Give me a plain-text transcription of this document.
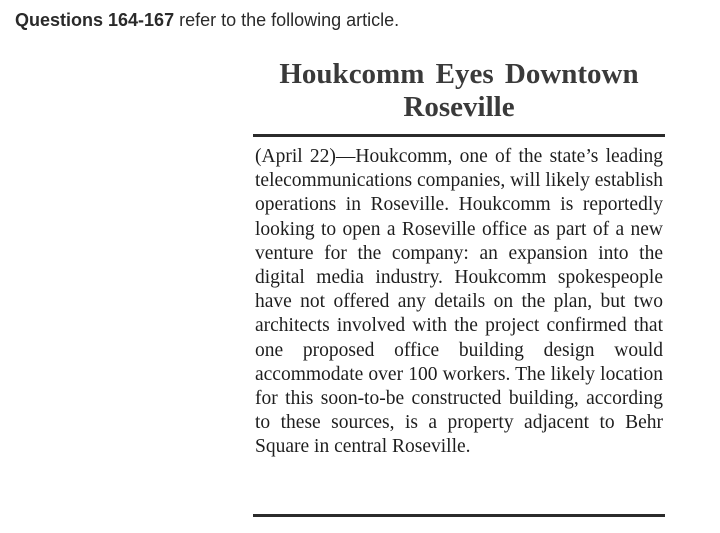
Questions 164-167 refer to the following article.
Houkcomm Eyes Downtown Roseville

(April 22)—Houkcomm, one of the state’s leading telecommunications companies, will likely establish operations in Roseville. Houkcomm is reportedly looking to open a Roseville office as part of a new venture for the company: an expansion into the digital media industry. Houkcomm spokespeople have not offered any details on the plan, but two architects involved with the project confirmed that one proposed office building design would accommodate over 100 workers. The likely location for this soon-to-be constructed building, according to these sources, is a property adjacent to Behr Square in central Roseville.
